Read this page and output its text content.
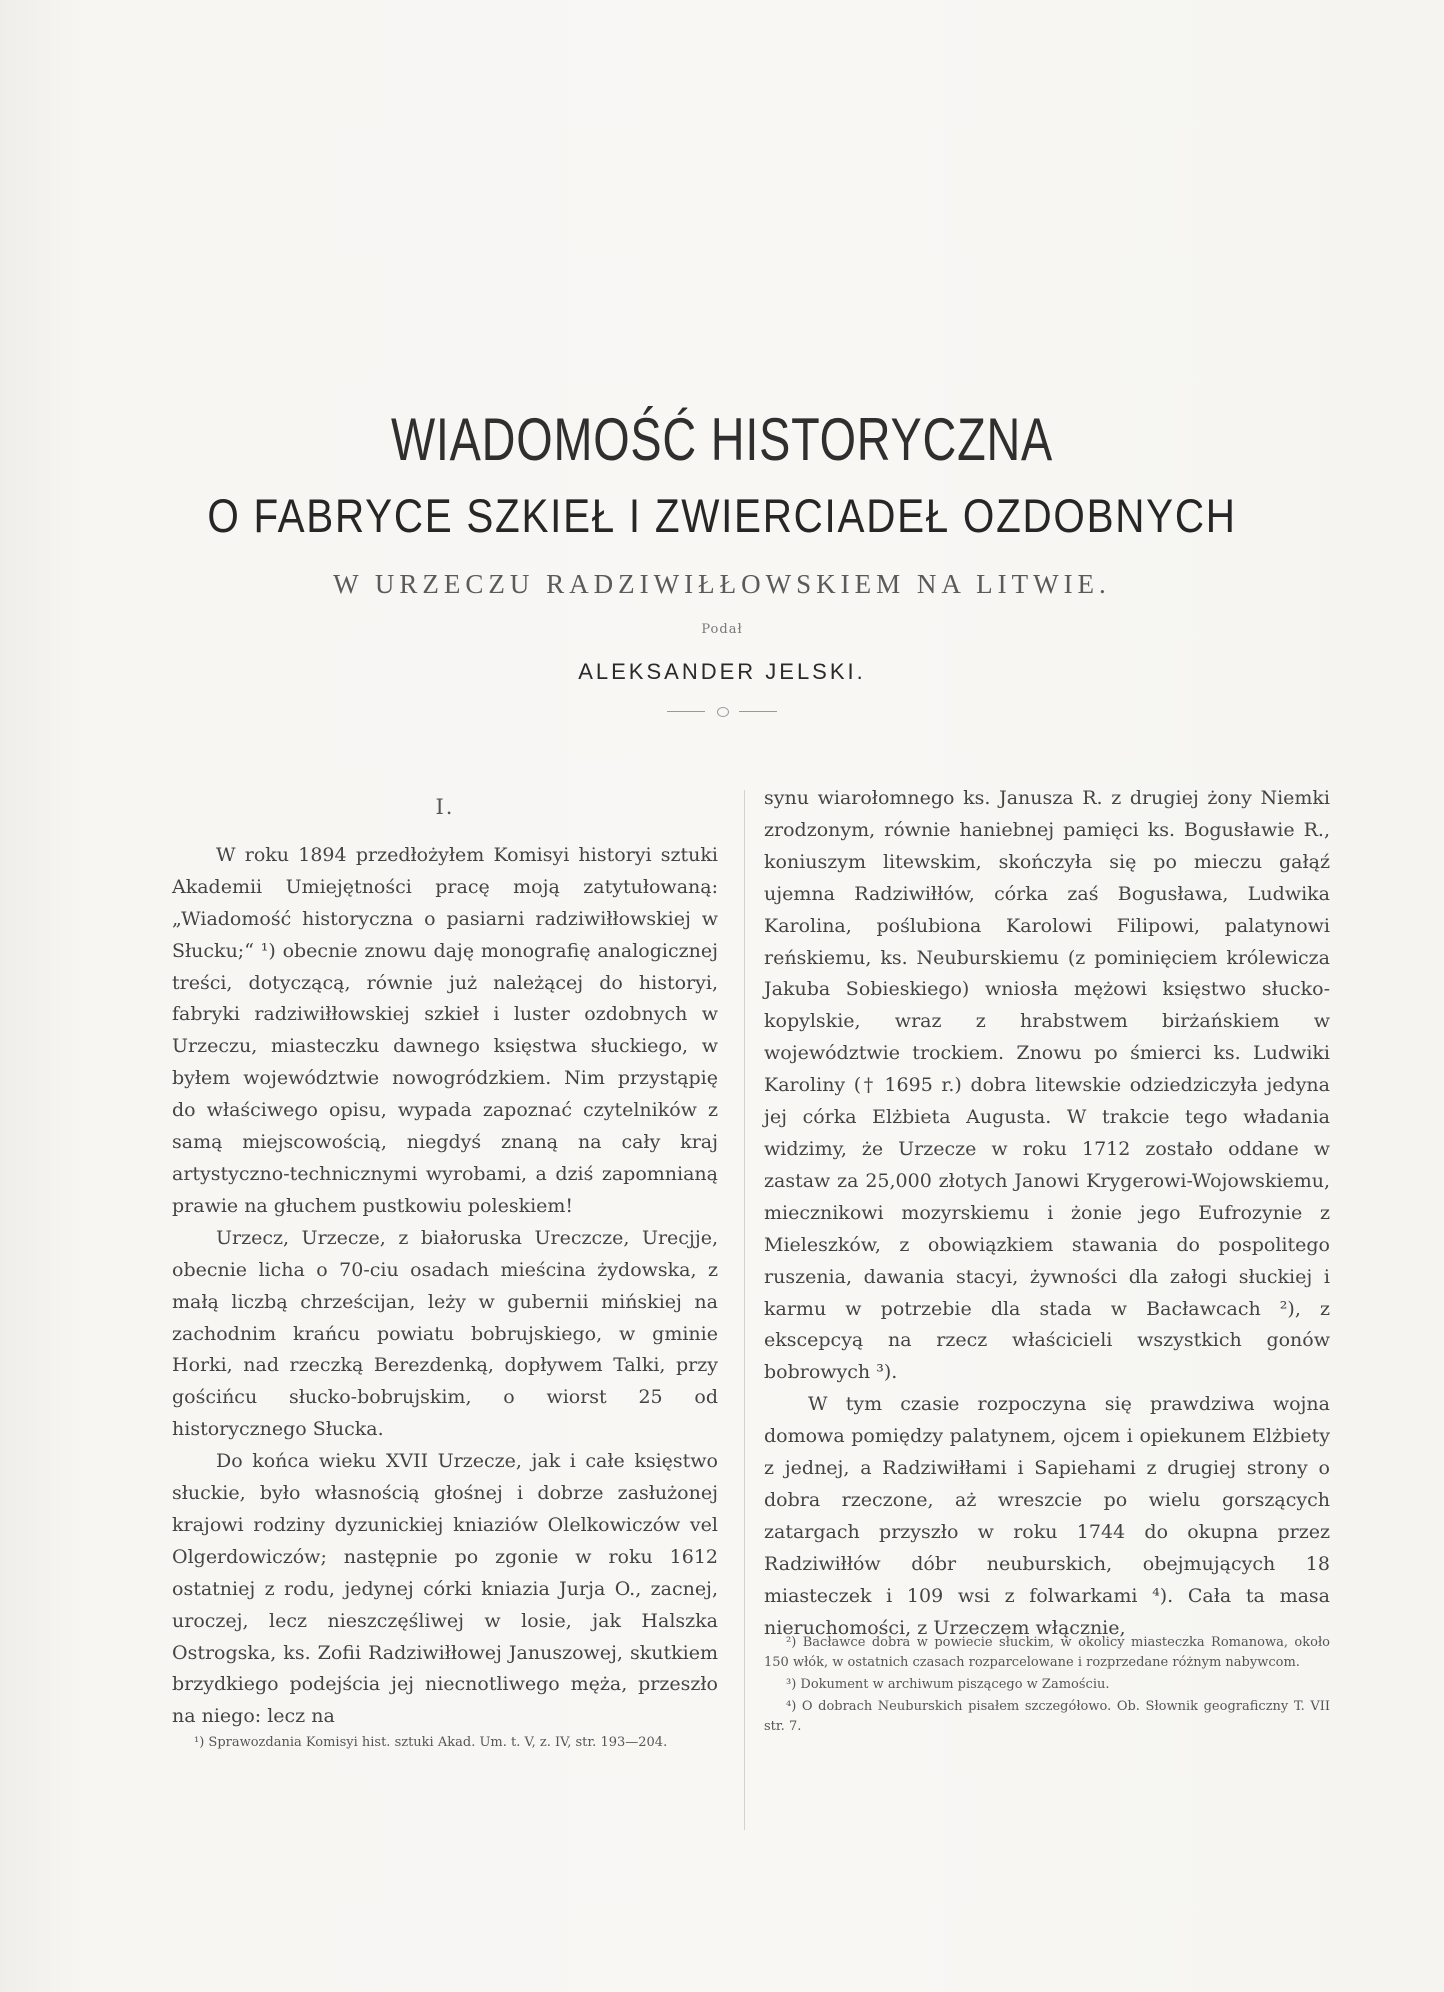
WIADOMOŚĆ HISTORYCZNA
O FABRYCE SZKIEŁ I ZWIERCIADEŁ OZDOBNYCH
W URZECZU RADZIWIŁŁOWSKIEM NA LITWIE.
Podał
ALEKSANDER JELSKI.
I.

W roku 1894 przedłożyłem Komisyi historyi sztuki Akademii Umiejętności pracę moją zatytułowaną: „Wiadomość historyczna o pasiarni radziwiłłowskiej w Słucku;“ ¹) obecnie znowu daję monografię analogicznej treści, dotyczącą, równie już należącej do historyi, fabryki radziwiłłowskiej szkieł i luster ozdobnych w Urzeczu, miasteczku dawnego księstwa słuckiego, w byłem województwie nowogródzkiem. Nim przystąpię do właściwego opisu, wypada zapoznać czytelników z samą miejscowością, niegdyś znaną na cały kraj artystyczno-technicznymi wyrobami, a dziś zapomnianą prawie na głuchem pustkowiu poleskiem!

Urzecz, Urzecze, z białoruska Ureczcze, Urecjje, obecnie licha o 70-ciu osadach mieścina żydowska, z małą liczbą chrześcijan, leży w gubernii mińskiej na zachodnim krańcu powiatu bobrujskiego, w gminie Horki, nad rzeczką Berezdenką, dopływem Talki, przy gościńcu słucko-bobrujskim, o wiorst 25 od historycznego Słucka.

Do końca wieku XVII Urzecze, jak i całe księstwo słuckie, było własnością głośnej i dobrze zasłużonej krajowi rodziny dyzunickiej kniaziów Olelkowiczów vel Olgerdowiczów; następnie po zgonie w roku 1612 ostatniej z rodu, jedynej córki kniazia Jurja O., zacnej, uroczej, lecz nieszczęśliwej w losie, jak Halszka Ostrogska, ks. Zofii Radziwiłłowej Januszowej, skutkiem brzydkiego podejścia jej niecnotliwego męża, przeszło na niego: lecz na

synu wiarołomnego ks. Janusza R. z drugiej żony Niemki zrodzonym, równie haniebnej pamięci ks. Bogusławie R., koniuszym litewskim, skończyła się po mieczu gałąź ujemna Radziwiłłów, córka zaś Bogusława, Ludwika Karolina, poślubiona Karolowi Filipowi, palatynowi reńskiemu, ks. Neuburskiemu (z pominięciem królewicza Jakuba Sobieskiego) wniosła mężowi księstwo słucko-kopylskie, wraz z hrabstwem birżańskiem w województwie trockiem. Znowu po śmierci ks. Ludwiki Karoliny († 1695 r.) dobra litewskie odziedziczyła jedyna jej córka Elżbieta Augusta. W trakcie tego władania widzimy, że Urzecze w roku 1712 zostało oddane w zastaw za 25,000 złotych Janowi Krygerowi-Wojowskiemu, miecznikowi mozyrskiemu i żonie jego Eufrozynie z Mieleszków, z obowiązkiem stawania do pospolitego ruszenia, dawania stacyi, żywności dla załogi słuckiej i karmu w potrzebie dla stada w Bacławcach ²), z ekscepcyą na rzecz właścicieli wszystkich gonów bobrowych ³).

W tym czasie rozpoczyna się prawdziwa wojna domowa pomiędzy palatynem, ojcem i opiekunem Elżbiety z jednej, a Radziwiłłami i Sapiehami z drugiej strony o dobra rzeczone, aż wreszcie po wielu gorszących zatargach przyszło w roku 1744 do okupna przez Radziwiłłów dóbr neuburskich, obejmujących 18 miasteczek i 109 wsi z folwarkami ⁴). Cała ta masa nieruchomości, z Urzeczem włącznie,

¹) Sprawozdania Komisyi hist. sztuki Akad. Um. t. V, z. IV, str. 193—204.

²) Bacławce dobra w powiecie słuckim, w okolicy miasteczka Romanowa, około 150 włók, w ostatnich czasach rozparcelowane i rozprzedane różnym nabywcom.

³) Dokument w archiwum piszącego w Zamościu.

⁴) O dobrach Neuburskich pisałem szczegółowo. Ob. Słownik geograficzny T. VII str. 7.
